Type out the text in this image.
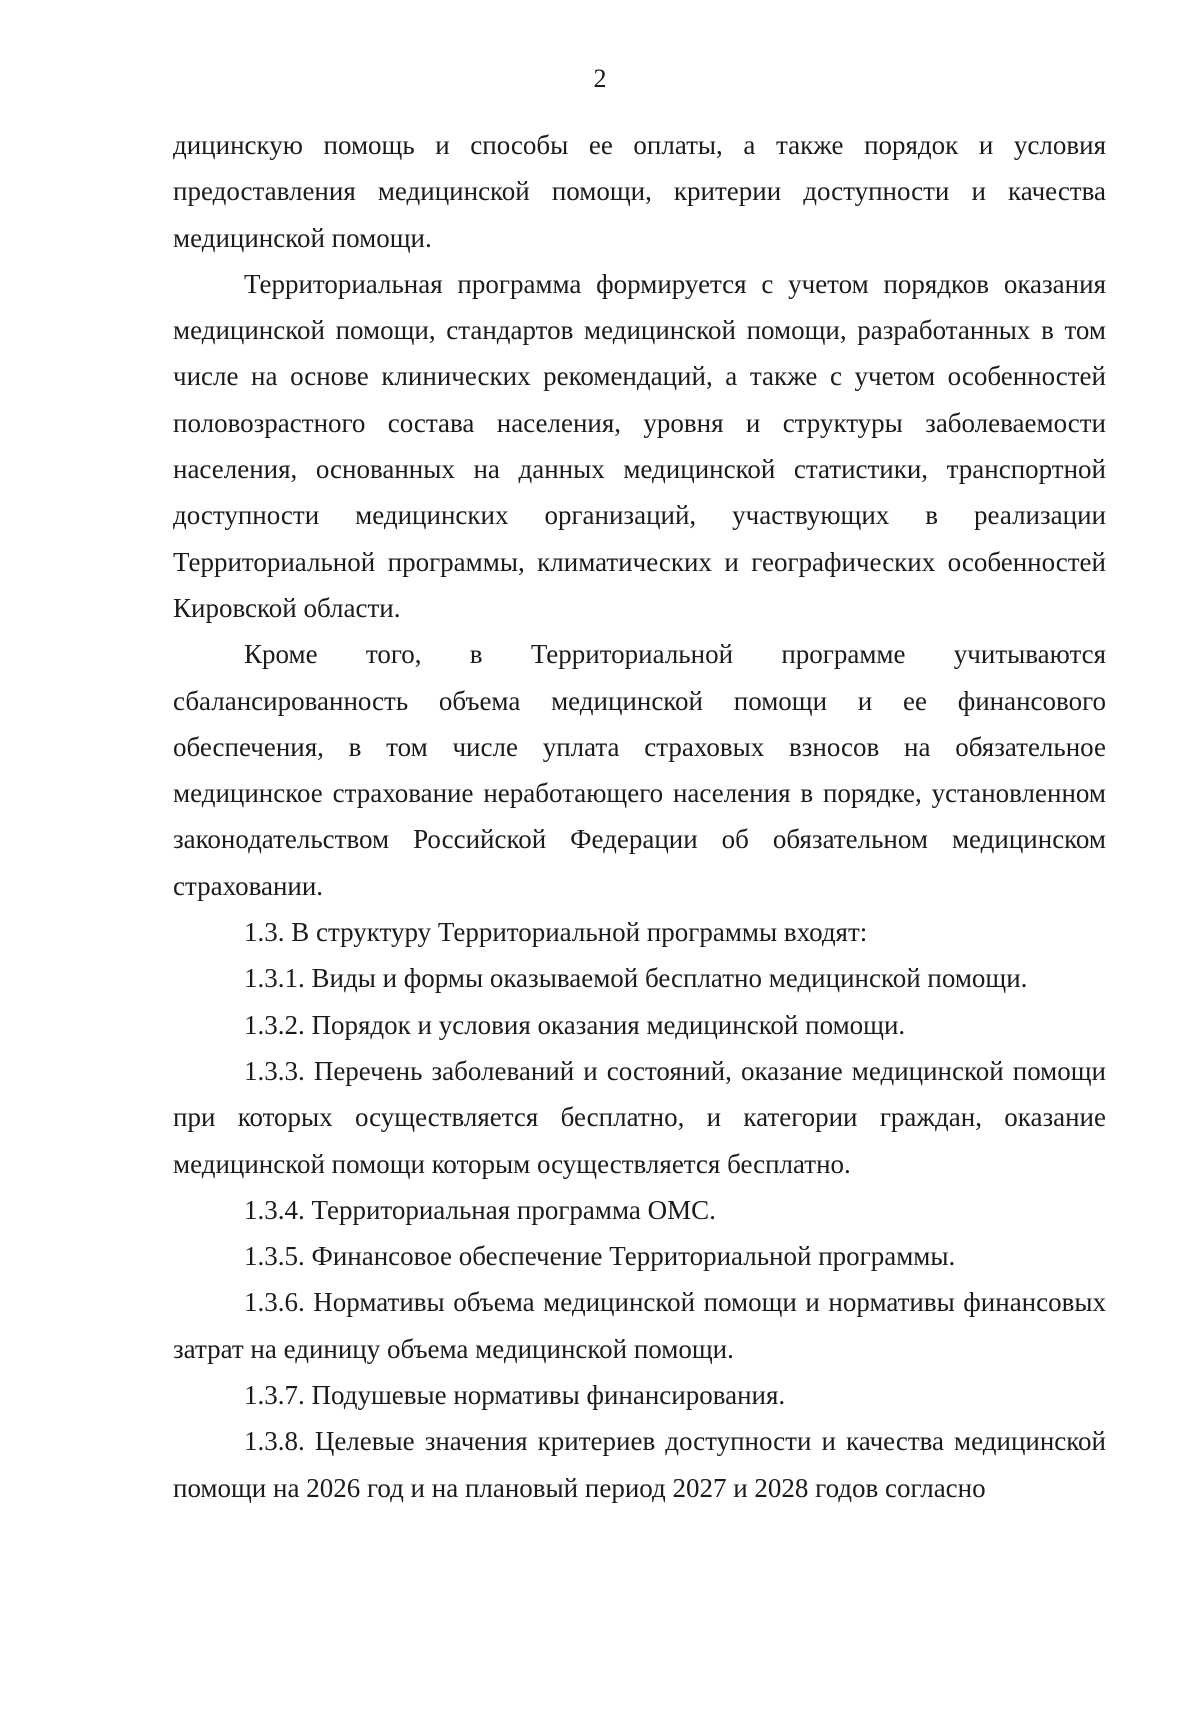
2

дицинскую помощь и способы ее оплаты, а также порядок и условия предоставления медицинской помощи, критерии доступности и качества медицинской помощи.

Территориальная программа формируется с учетом порядков оказания медицинской помощи, стандартов медицинской помощи, разработанных в том числе на основе клинических рекомендаций, а также с учетом особенностей половозрастного состава населения, уровня и структуры заболеваемости населения, основанных на данных медицинской статистики, транспортной доступности медицинских организаций, участвующих в реализации Территориальной программы, климатических и географических особенностей Кировской области.

Кроме того, в Территориальной программе учитываются сбалансированность объема медицинской помощи и ее финансового обеспечения, в том числе уплата страховых взносов на обязательное медицинское страхование неработающего населения в порядке, установленном законодательством Российской Федерации об обязательном медицинском страховании.

1.3. В структуру Территориальной программы входят:

1.3.1. Виды и формы оказываемой бесплатно медицинской помощи.

1.3.2. Порядок и условия оказания медицинской помощи.

1.3.3. Перечень заболеваний и состояний, оказание медицинской помощи при которых осуществляется бесплатно, и категории граждан, оказание медицинской помощи которым осуществляется бесплатно.

1.3.4. Территориальная программа ОМС.

1.3.5. Финансовое обеспечение Территориальной программы.

1.3.6. Нормативы объема медицинской помощи и нормативы финансовых затрат на единицу объема медицинской помощи.

1.3.7. Подушевые нормативы финансирования.

1.3.8. Целевые значения критериев доступности и качества медицинской помощи на 2026 год и на плановый период 2027 и 2028 годов согласно
